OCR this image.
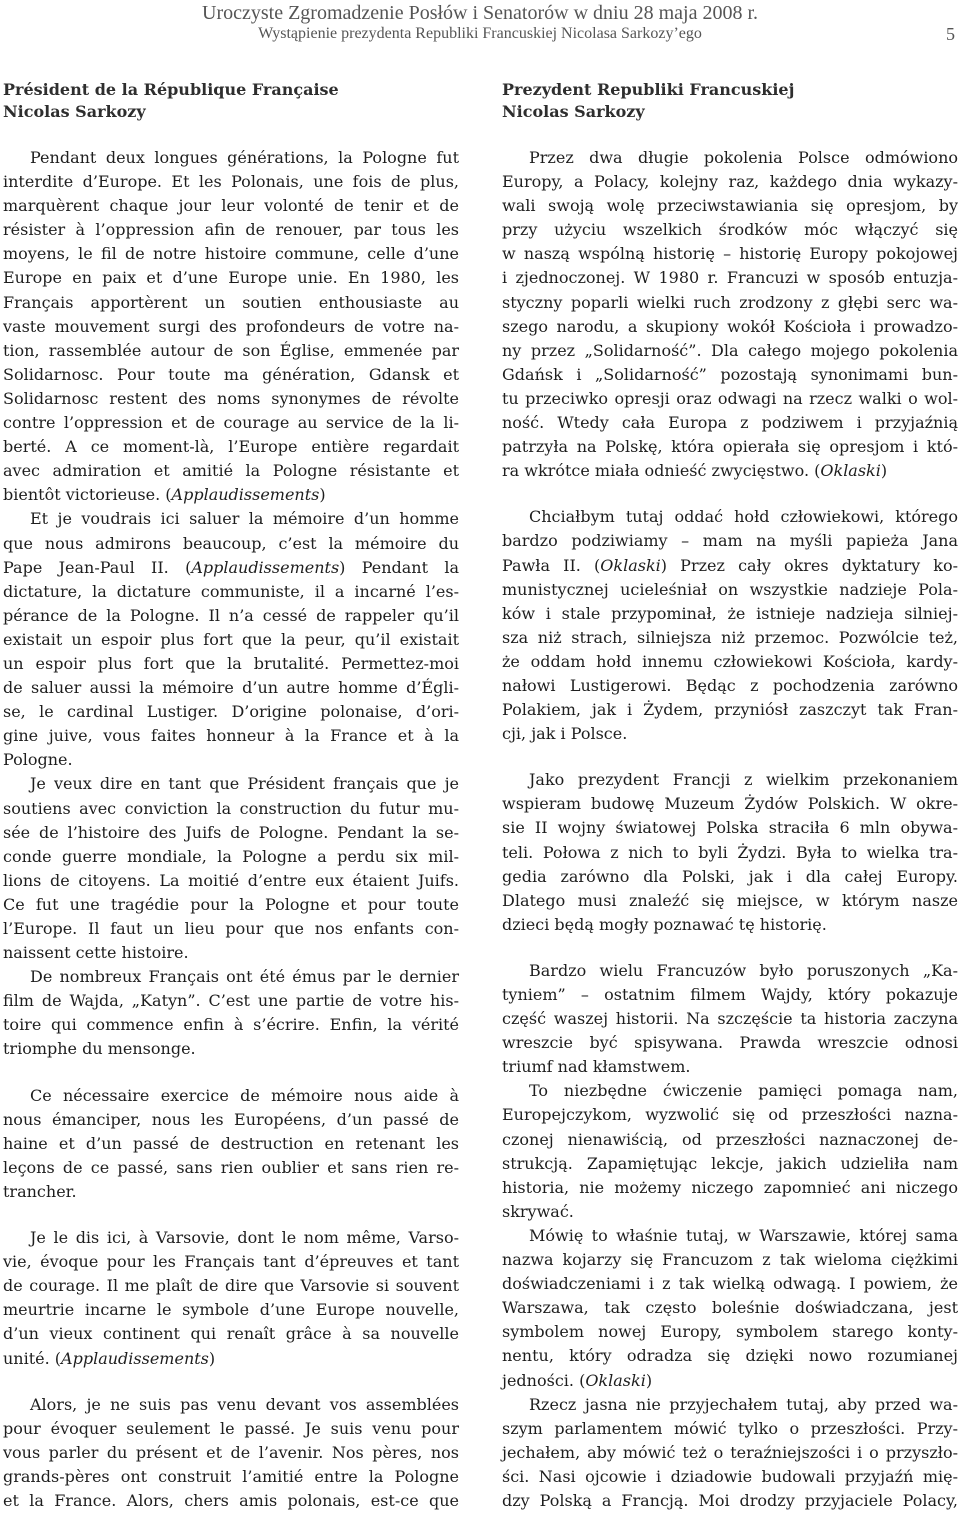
Uroczyste Zgromadzenie Posłów i Senatorów w dniu 28 maja 2008 r.
Wystąpienie prezydenta Republiki Francuskiej Nicolasa Sarkozy’ego	5
Président de la République Française
Nicolas Sarkozy
Pendant deux longues générations, la Pologne fut
interdite d’Europe. Et les Polonais, une fois de plus,
marquèrent chaque jour leur volonté de tenir et de
résister à l’oppression afin de renouer, par tous les
moyens, le fil de notre histoire commune, celle d’une
Europe en paix et d’une Europe unie. En 1980, les
Français apportèrent un soutien enthousiaste au
vaste mouvement surgi des profondeurs de votre na-
tion, rassemblée autour de son Église, emmenée par
Solidarnosc. Pour toute ma génération, Gdansk et
Solidarnosc restent des noms synonymes de révolte
contre l’oppression et de courage au service de la li-
berté. A ce moment-là, l’Europe entière regardait
avec admiration et amitié la Pologne résistante et
bientôt victorieuse. (Applaudissements)
Et je voudrais ici saluer la mémoire d’un homme
que nous admirons beaucoup, c’est la mémoire du
Pape Jean-Paul II. (Applaudissements) Pendant la
dictature, la dictature communiste, il a incarné l’es-
pérance de la Pologne. Il n’a cessé de rappeler qu’il
existait un espoir plus fort que la peur, qu’il existait
un espoir plus fort que la brutalité. Permettez-moi
de saluer aussi la mémoire d’un autre homme d’Égli-
se, le cardinal Lustiger. D’origine polonaise, d’ori-
gine juive, vous faites honneur à la France et à la
Pologne.
Je veux dire en tant que Président français que je
soutiens avec conviction la construction du futur mu-
sée de l’histoire des Juifs de Pologne. Pendant la se-
conde guerre mondiale, la Pologne a perdu six mil-
lions de citoyens. La moitié d’entre eux étaient Juifs.
Ce fut une tragédie pour la Pologne et pour toute
l’Europe. Il faut un lieu pour que nos enfants con-
naissent cette histoire.
De nombreux Français ont été émus par le dernier
film de Wajda, „Katyn”. C’est une partie de votre his-
toire qui commence enfin à s’écrire. Enfin, la vérité
triomphe du mensonge.
Ce nécessaire exercice de mémoire nous aide à
nous émanciper, nous les Européens, d’un passé de
haine et d’un passé de destruction en retenant les
leçons de ce passé, sans rien oublier et sans rien re-
trancher.
Je le dis ici, à Varsovie, dont le nom même, Varso-
vie, évoque pour les Français tant d’épreuves et tant
de courage. Il me plaît de dire que Varsovie si souvent
meurtrie incarne le symbole d’une Europe nouvelle,
d’un vieux continent qui renaît grâce à sa nouvelle
unité. (Applaudissements)
Alors, je ne suis pas venu devant vos assemblées
pour évoquer seulement le passé. Je suis venu pour
vous parler du présent et de l’avenir. Nos pères, nos
grands-pères ont construit l’amitié entre la Pologne
et la France. Alors, chers amis polonais, est-ce que
Prezydent Republiki Francuskiej
Nicolas Sarkozy
Przez dwa długie pokolenia Polsce odmówiono
Europy, a Polacy, kolejny raz, każdego dnia wykazy-
wali swoją wolę przeciwstawiania się opresjom, by
przy użyciu wszelkich środków móc włączyć się
w naszą wspólną historię – historię Europy pokojowej
i zjednoczonej. W 1980 r. Francuzi w sposób entuzja-
styczny poparli wielki ruch zrodzony z głębi serc wa-
szego narodu, a skupiony wokół Kościoła i prowadzo-
ny przez „Solidarność”. Dla całego mojego pokolenia
Gdańsk i „Solidarność” pozostają synonimami bun-
tu przeciwko opresji oraz odwagi na rzecz walki o wol-
ność. Wtedy cała Europa z podziwem i przyjaźnią
patrzyła na Polskę, która opierała się opresjom i któ-
ra wkrótce miała odnieść zwycięstwo. (Oklaski)
Chciałbym tutaj oddać hołd człowiekowi, którego
bardzo podziwiamy – mam na myśli papieża Jana
Pawła II. (Oklaski) Przez cały okres dyktatury ko-
munistycznej ucieleśniał on wszystkie nadzieje Pola-
ków i stale przypominał, że istnieje nadzieja silniej-
sza niż strach, silniejsza niż przemoc. Pozwólcie też,
że oddam hołd innemu człowiekowi Kościoła, kardy-
nałowi Lustigerowi. Będąc z pochodzenia zarówno
Polakiem, jak i Żydem, przyniósł zaszczyt tak Fran-
cji, jak i Polsce.
Jako prezydent Francji z wielkim przekonaniem
wspieram budowę Muzeum Żydów Polskich. W okre-
sie II wojny światowej Polska straciła 6 mln obywa-
teli. Połowa z nich to byli Żydzi. Była to wielka tra-
gedia zarówno dla Polski, jak i dla całej Europy.
Dlatego musi znaleźć się miejsce, w którym nasze
dzieci będą mogły poznawać tę historię.
Bardzo wielu Francuzów było poruszonych „Ka-
tyniem” – ostatnim filmem Wajdy, który pokazuje
część waszej historii. Na szczęście ta historia zaczyna
wreszcie być spisywana. Prawda wreszcie odnosi
triumf nad kłamstwem.
To niezbędne ćwiczenie pamięci pomaga nam,
Europejczykom, wyzwolić się od przeszłości nazna-
czonej nienawiścią, od przeszłości naznaczonej de-
strukcją. Zapamiętując lekcje, jakich udzieliła nam
historia, nie możemy niczego zapomnieć ani niczego
skrywać.
Mówię to właśnie tutaj, w Warszawie, której sama
nazwa kojarzy się Francuzom z tak wieloma ciężkimi
doświadczeniami i z tak wielką odwagą. I powiem, że
Warszawa, tak często boleśnie doświadczana, jest
symbolem nowej Europy, symbolem starego konty-
nentu, który odradza się dzięki nowo rozumianej
jedności. (Oklaski)
Rzecz jasna nie przyjechałem tutaj, aby przed wa-
szym parlamentem mówić tylko o przeszłości. Przy-
jechałem, aby mówić też o teraźniejszości i o przyszło-
ści. Nasi ojcowie i dziadowie budowali przyjaźń mię-
dzy Polską a Francją. Moi drodzy przyjaciele Polacy,
